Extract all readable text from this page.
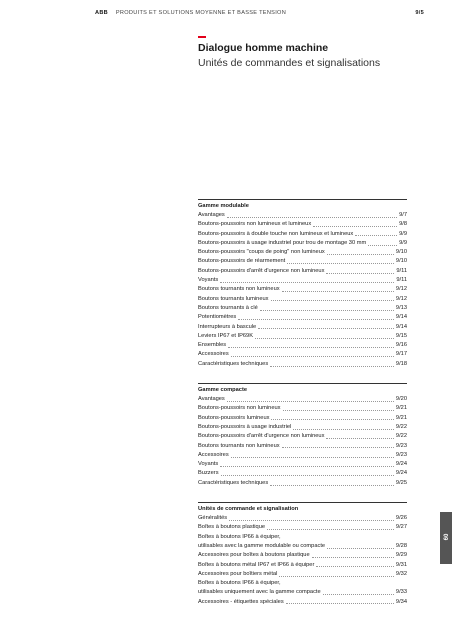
ABB PRODUITS ET SOLUTIONS MOYENNE ET BASSE TENSION	9/5
Dialogue homme machine
Unités de commandes et signalisations
Gamme modulable
Avantages	9/7
Boutons-poussoirs non lumineux et lumineux	9/8
Boutons-poussoirs à double touche non lumineux et lumineux	9/9
Boutons-poussoirs à usage industriel pour trou de montage 30 mm	9/9
Boutons-poussoirs "coups de poing" non lumineux	9/10
Boutons-poussoirs de réarmement	9/10
Boutons-poussoirs d'arrêt d'urgence non lumineux	9/11
Voyants	9/11
Boutons tournants non lumineux	9/12
Boutons tournants lumineux	9/12
Boutons tournants à clé	9/13
Potentiomètres	9/14
Interrupteurs à bascule	9/14
Leviers IP67 et IP69K	9/15
Ensembles	9/16
Accessoires	9/17
Caractéristiques techniques	9/18
Gamme compacte
Avantages	9/20
Boutons-poussoirs non lumineux	9/21
Boutons-poussoirs lumineux	9/21
Boutons-poussoirs à usage industriel	9/22
Boutons-poussoirs d'arrêt d'urgence non lumineux	9/22
Boutons tournants non lumineux	9/23
Accessoires	9/23
Voyants	9/24
Buzzers	9/24
Caractéristiques techniques	9/25
Unités de commande et signalisation
Généralités	9/26
Boîtes à boutons plastique	9/27
Boîtes à boutons IP66 à équiper,
utilisables avec la gamme modulable ou compacte	9/28
Accessoires pour boîtes à boutons plastique	9/29
Boîtes à boutons métal IP67 et IP66 à équiper	9/31
Accessoires pour boîtiers métal	9/32
Boîtes à boutons IP66 à équiper,
utilisables uniquement avec la gamme compacte	9/33
Accessoires - étiquettes spéciales	9/34
09
